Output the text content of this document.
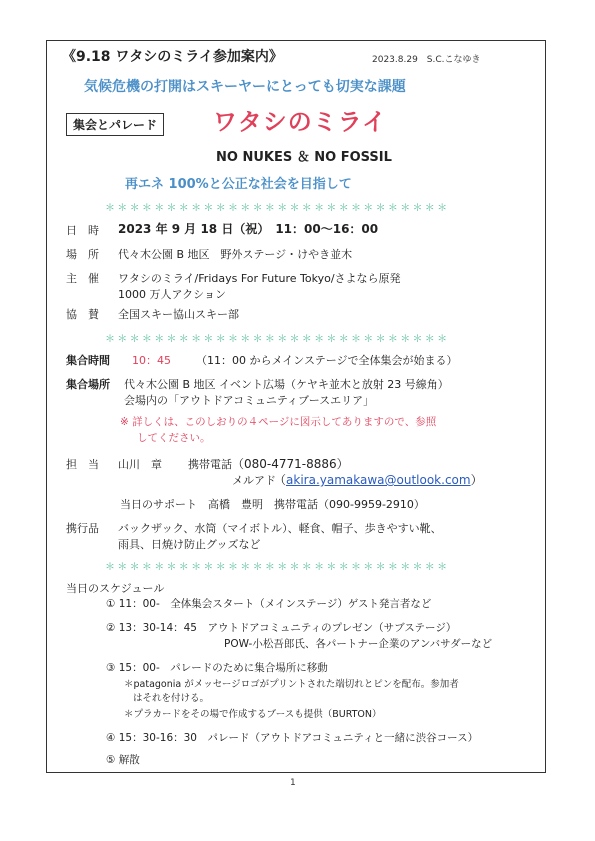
《9.18 ワタシのミライ参加案内》	2023.8.29　S.C.こなゆき
気候危機の打開はスキーヤーにとっても切実な課題
集会とパレード ワタシのミライ
NO NUKES ＆ NO FOSSIL
再エネ 100%と公正な社会を目指して
＊＊＊＊＊＊＊＊＊＊＊＊＊＊＊＊＊＊＊＊＊＊＊＊＊＊＊＊
日　時 2023 年 9 月 18 日（祝）　11：00～16：00
場　所 代々木公園 B 地区　野外ステージ・けやき並木
主　催 ワタシのミライ/Fridays For Future Tokyo/さよなら原発
1000 万人アクション
協　賛 全国スキー協山スキー部
＊＊＊＊＊＊＊＊＊＊＊＊＊＊＊＊＊＊＊＊＊＊＊＊＊＊＊＊
集合時間 10：45 （11：00 からメインステージで全体集会が始まる）
集合場所 代々木公園 B 地区 イベント広場（ケヤキ並木と放射 23 号線角）
会場内の「アウトドアコミュニティブースエリア」
※ 詳しくは、このしおりの４ページに図示してありますので、参照
してください。
担　当 山川　章 携帯電話 （080-4771-8886）
メルアド
（akira.yamakawa@outlook.com）
当日のサポート　高橋　豊明　携帯電話（090-9959-2910）
携行品 バックザック、水筒（マイボトル）、軽食、帽子、歩きやすい靴、
雨具、日焼け防止グッズなど
＊＊＊＊＊＊＊＊＊＊＊＊＊＊＊＊＊＊＊＊＊＊＊＊＊＊＊＊
当日のスケジュール
① 11：00-　全体集会スタート（メインステージ）ゲスト発言者など
② 13：30-14：45　アウトドアコミュニティのプレゼン（サブステージ）
POW-小松吾郎氏、各パートナー企業のアンバサダーなど
③ 15：00-　パレードのために集合場所に移動
＊patagonia がメッセージロゴがプリントされた端切れとピンを配布。参加者
はそれを付ける。
＊プラカードをその場で作成するブースも提供（BURTON）
④ 15：30-16：30　パレード（アウトドアコミュニティと一緒に渋谷コース）
⑤ 解散
1
